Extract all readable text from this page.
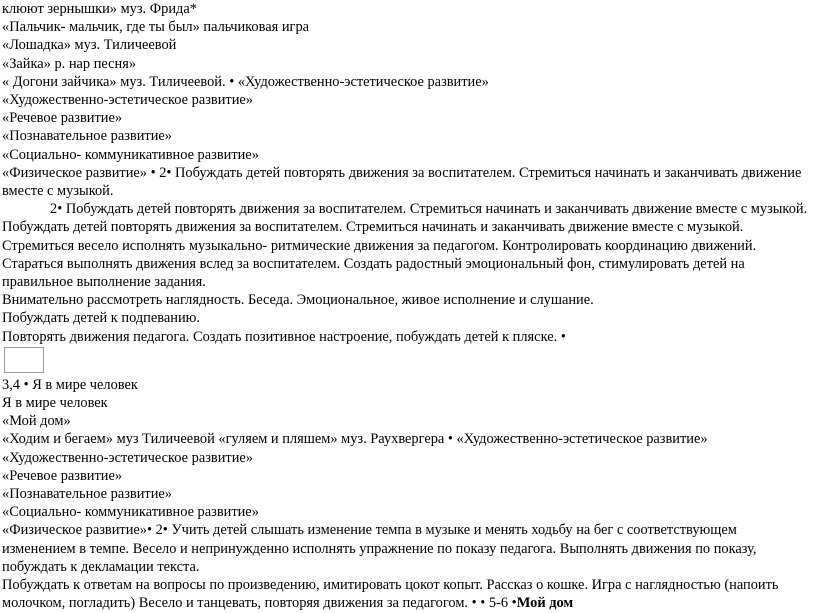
клюют зернышки» муз. Фрида*
«Пальчик- мальчик, где ты был» пальчиковая игра
«Лошадка» муз. Тиличеевой
«Зайка» р. нар песня»
« Догони зайчика» муз. Тиличеевой. • «Художественно-эстетическое развитие»
«Художественно-эстетическое развитие»
«Речевое развитие»
«Познавательное развитие»
«Социально- коммуникативное развитие»
«Физическое развитие» • 2• Побуждать детей повторять движения за воспитателем. Стремиться начинать и заканчивать движение вместе с музыкой.
2• Побуждать детей повторять движения за воспитателем. Стремиться начинать и заканчивать движение вместе с музыкой.
Побуждать детей повторять движения за воспитателем. Стремиться начинать и заканчивать движение вместе с музыкой.
Стремиться весело исполнять музыкально- ритмические движения за педагогом. Контролировать координацию движений.
Стараться выполнять движения вслед за воспитателем. Создать радостный эмоциональный фон, стимулировать детей на правильное выполнение задания.
Внимательно рассмотреть наглядность. Беседа. Эмоциональное, живое исполнение и слушание.
Побуждать детей к подпеванию.
Повторять движения педагога. Создать позитивное настроение, побуждать детей к пляске. •
3,4 • Я в мире человек
Я в мире человек
«Мой дом»
«Ходим и бегаем» муз Тиличеевой «гуляем и пляшем» муз. Раухвергера • «Художественно-эстетическое развитие»
«Художественно-эстетическое развитие»
«Речевое развитие»
«Познавательное развитие»
«Социально- коммуникативное развитие»
«Физическое развитие»• 2• Учить детей слышать изменение темпа в музыке и менять ходьбу на бег с соответствующем изменением в темпе. Весело и непринужденно исполнять упражнение по показу педагога. Выполнять движения по показу, побуждать к декламации текста.
Побуждать к ответам на вопросы по произведению, имитировать цокот копыт. Рассказ о кошке. Игра с наглядностью (напоить молочком, погладить) Весело и танцевать, повторяя движения за педагогом. • • 5-6 •Мой дом
